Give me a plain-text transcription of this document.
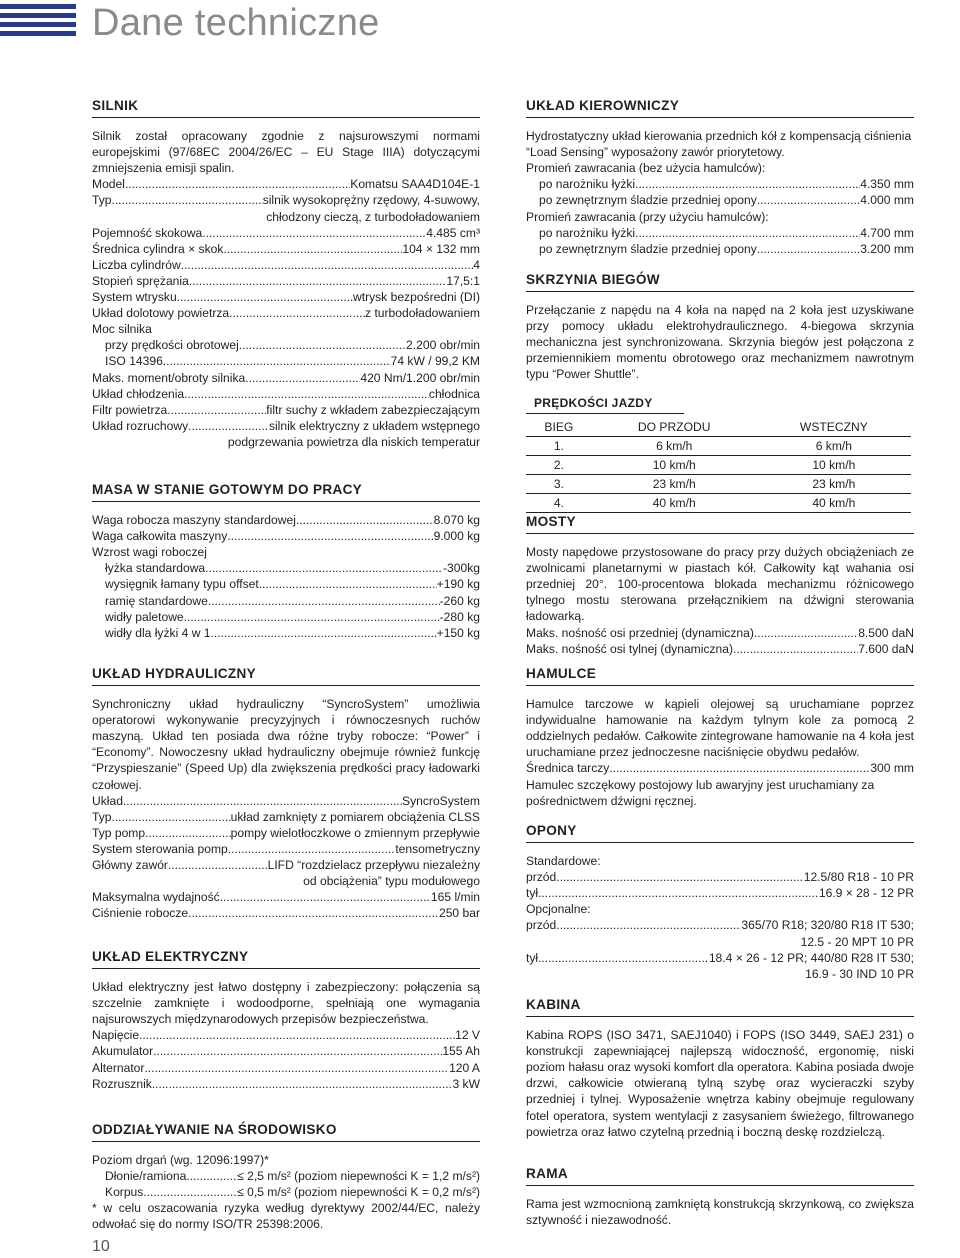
Dane techniczne
SILNIK

Silnik został opracowany zgodnie z najsurowszymi normami europejskimi (97/68EC 2004/26/EC – EU Stage IIIA) dotyczącymi zmniejszenia emisji spalin.

Model .....	Komatsu SAA4D104E-1
Typ .....	silnik wysokoprężny rzędowy, 4-suwowy,

chłodzony cieczą, z turbodoładowaniem

Pojemność skokowa .....	4.485 cm³
Średnica cylindra × skok .....	104 × 132 mm
Liczba cylindrów .....	4
Stopień sprężania .....	17,5:1
System wtrysku .....	wtrysk bezpośredni (DI)
Układ dolotowy powietrza .....	z turbodoładowaniem

Moc silnika

przy prędkości obrotowej .....	2.200 obr/min
ISO 14396 .....	74 kW / 99,2 KM
Maks. moment/obroty silnika .....	420 Nm/1.200 obr/min
Układ chłodzenia .....	chłodnica
Filtr powietrza .....	filtr suchy z wkładem zabezpieczającym
Układ rozruchowy .....	silnik elektryczny z układem wstępnego

podgrzewania powietrza dla niskich temperatur

MASA W STANIE GOTOWYM DO PRACY
Waga robocza maszyny standardowej .....	8.070 kg
Waga całkowita maszyny .....	9.000 kg

Wzrost wagi roboczej

łyżka standardowa .....	-300kg
wysięgnik łamany typu offset .....	+190 kg
ramię standardowe .....	-260 kg
widły paletowe .....	-280 kg
widły dla łyżki 4 w 1 .....	+150 kg
UKŁAD HYDRAULICZNY

Synchroniczny układ hydrauliczny “SyncroSystem” umożliwia operatorowi wykonywanie precyzyjnych i równoczesnych ruchów maszyną. Układ ten posiada dwa różne tryby robocze: “Power” i “Economy”. Nowoczesny układ hydrauliczny obejmuje również funkcję “Przyspieszanie” (Speed Up) dla zwiększenia prędkości pracy ładowarki czołowej.

Układ .....	SyncroSystem
Typ .....	układ zamknięty z pomiarem obciążenia CLSS
Typ pomp .....	pompy wielotłoczkowe o zmiennym przepływie
System sterowania pomp .....	tensometryczny
Główny zawór .....	LIFD “rozdzielacz przepływu niezależny

od obciążenia” typu modułowego

Maksymalna wydajność .....	165 l/min
Ciśnienie robocze .....	250 bar
UKŁAD ELEKTRYCZNY

Układ elektryczny jest łatwo dostępny i zabezpieczony: połączenia są szczelnie zamknięte i wodoodporne, spełniają one wymagania najsurowszych międzynarodowych przepisów bezpieczeństwa.

Napięcie .....	12 V
Akumulator .....	155 Ah
Alternator .....	120 A
Rozrusznik .....	3 kW
ODDZIAŁYWANIE NA ŚRODOWISKO

Poziom drgań (wg. 12096:1997)*

Dłonie/ramiona .....	≤ 2,5 m/s² (poziom niepewności K = 1,2 m/s²)
Korpus .....	≤ 0,5 m/s² (poziom niepewności K = 0,2 m/s²)

* w celu oszacowania ryzyka według dyrektywy 2002/44/EC, należy odwołać się do normy ISO/TR 25398:2006.

UKŁAD KIEROWNICZY

Hydrostatyczny układ kierowania przednich kół z kompensacją ciśnienia “Load Sensing” wyposażony zawór priorytetowy.

Promień zawracania (bez użycia hamulców):

po narożniku łyżki .....	4.350 mm
po zewnętrznym śladzie przedniej opony .....	4.000 mm

Promień zawracania (przy użyciu hamulców):

po narożniku łyżki .....	4.700 mm
po zewnętrznym śladzie przedniej opony .....	3.200 mm
SKRZYNIA BIEGÓW

Przełączanie z napędu na 4 koła na napęd na 2 koła jest uzyskiwane przy pomocy układu elektrohydraulicznego. 4-biegowa skrzynia mechaniczna jest synchronizowana. Skrzynia biegów jest połączona z przemiennikiem momentu obrotowego oraz mechanizmem nawrotnym typu “Power Shuttle”.

PRĘDKOŚCI JAZDY
BIEG	DO PRZODU	WSTECZNY
1.	6 km/h	6 km/h
2.	10 km/h	10 km/h
3.	23 km/h	23 km/h
4.	40 km/h	40 km/h
MOSTY

Mosty napędowe przystosowane do pracy przy dużych obciążeniach ze zwolnicami planetarnymi w piastach kół. Całkowity kąt wahania osi przedniej 20°. 100-procentowa blokada mechanizmu różnicowego tylnego mostu sterowana przełącznikiem na dźwigni sterowania ładowarką.

Maks. nośność osi przedniej (dynamiczna) .....	8.500 daN
Maks. nośność osi tylnej (dynamiczna) .....	7.600 daN
HAMULCE

Hamulce tarczowe w kąpieli olejowej są uruchamiane poprzez indywidualne hamowanie na każdym tylnym kole za pomocą 2 oddzielnych pedałów. Całkowite zintegrowane hamowanie na 4 koła jest uruchamiane przez jednoczesne naciśnięcie obydwu pedałów.

Średnica tarczy .....	300 mm

Hamulec szczękowy postojowy lub awaryjny jest uruchamiany za pośrednictwem dźwigni ręcznej.

OPONY

Standardowe:

przód .....	12.5/80 R18 - 10 PR
tył .....	16.9 × 28 - 12 PR

Opcjonalne:

przód .....	365/70 R18; 320/80 R18 IT 530;

12.5 - 20 MPT 10 PR

tył .....	18.4 × 26 - 12 PR; 440/80 R28 IT 530;

16.9 - 30 IND 10 PR

KABINA

Kabina ROPS (ISO 3471, SAEJ1040) i FOPS (ISO 3449, SAEJ 231) o konstrukcji zapewniającej najlepszą widoczność, ergonomię, niski poziom hałasu oraz wysoki komfort dla operatora. Kabina posiada dwoje drzwi, całkowicie otwieraną tylną szybę oraz wycieraczki szyby przedniej i tylnej. Wyposażenie wnętrza kabiny obejmuje regulowany fotel operatora, system wentylacji z zasysaniem świeżego, filtrowanego powietrza oraz łatwo czytelną przednią i boczną deskę rozdzielczą.

RAMA

Rama jest wzmocnioną zamkniętą konstrukcją skrzynkową, co zwiększa sztywność i niezawodność.

10
